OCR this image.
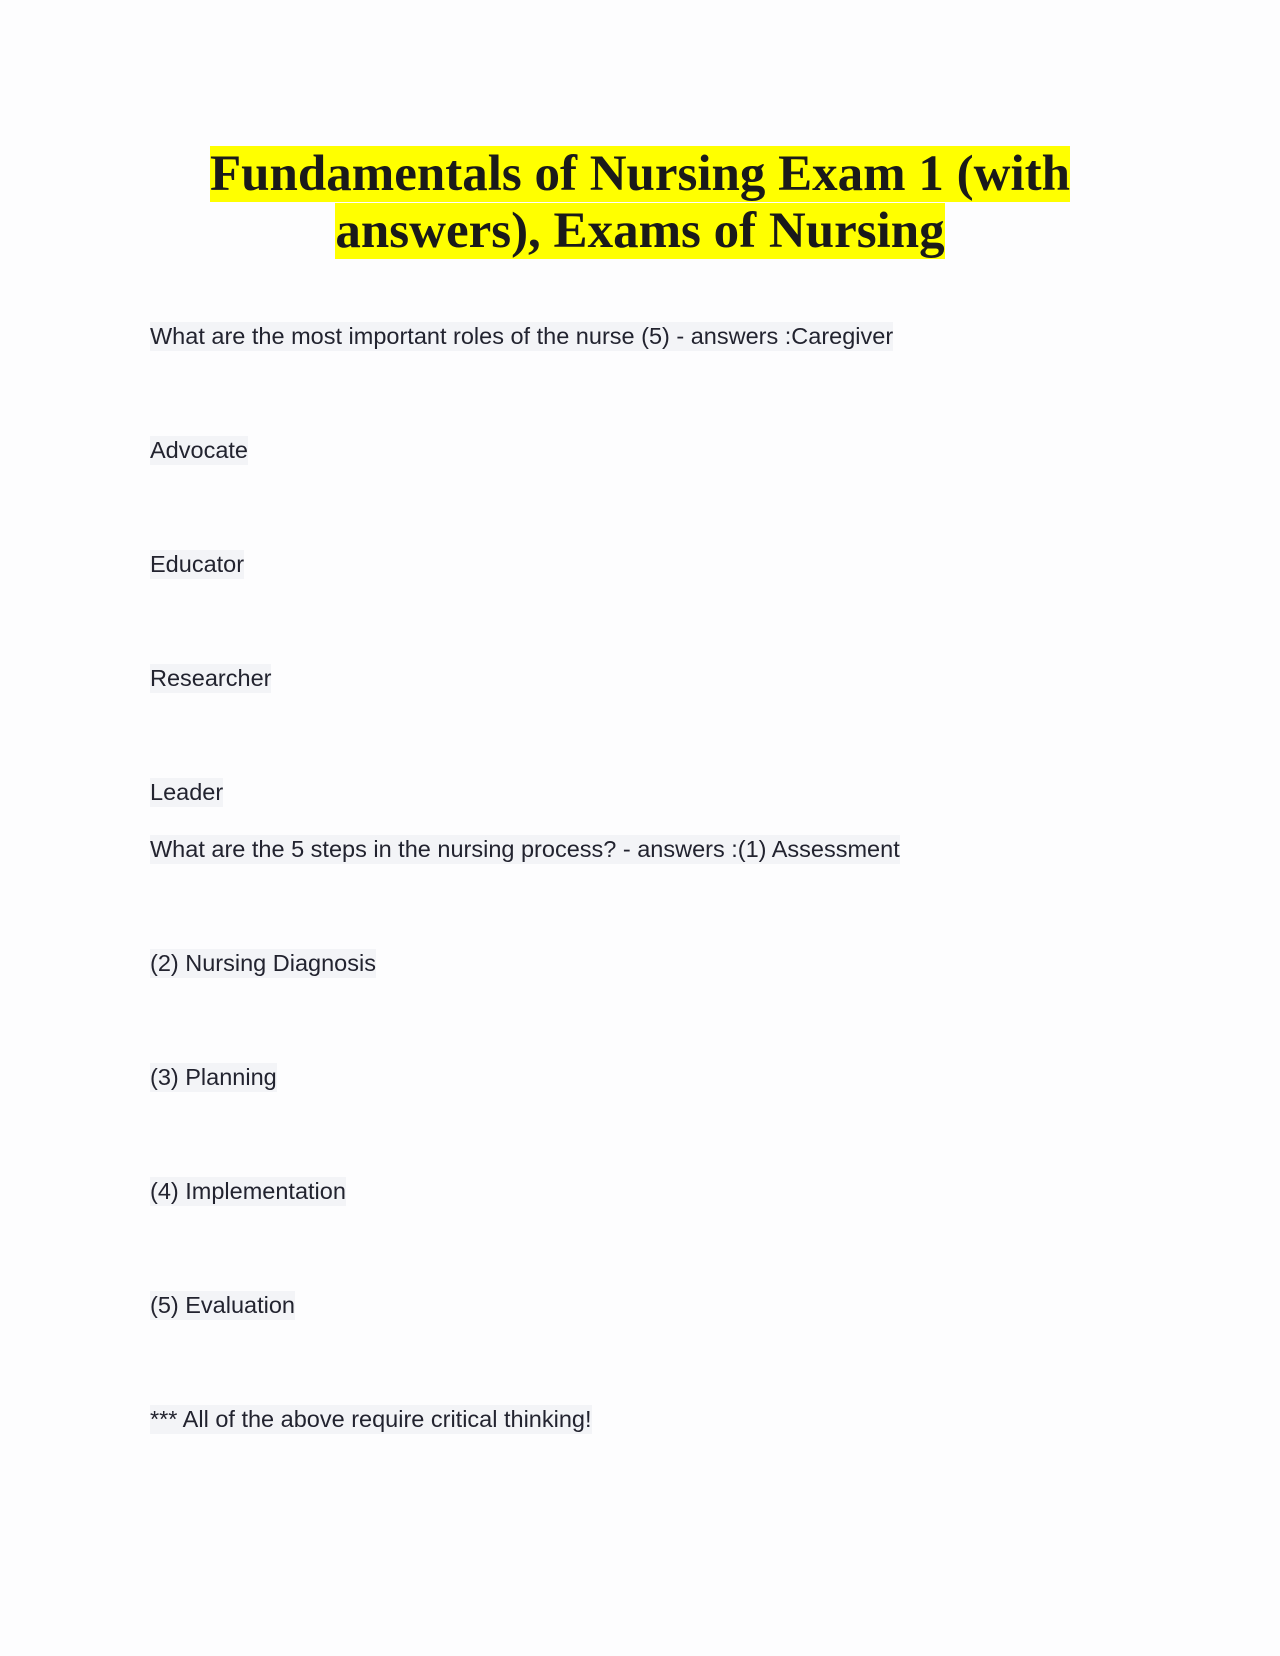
Fundamentals of Nursing Exam 1 (with
answers), Exams of Nursing
What are the most important roles of the nurse (5) - answers :Caregiver
Advocate
Educator
Researcher
Leader
What are the 5 steps in the nursing process? - answers :(1) Assessment
(2) Nursing Diagnosis
(3) Planning
(4) Implementation
(5) Evaluation
*** All of the above require critical thinking!
